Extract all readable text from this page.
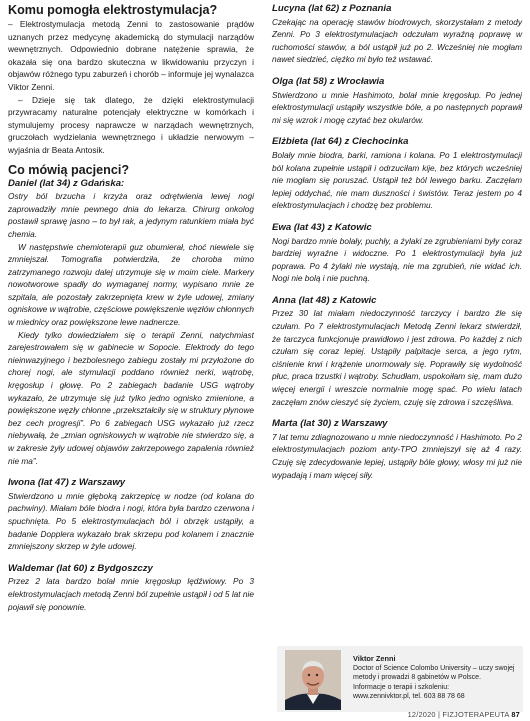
Komu pomogła elektrostymulacja?

– Elektrostymulacja metodą Zenni to zastosowanie prądów uznanych przez medycynę akademicką do stymulacji narządów wewnętrznych. Odpowiednio dobrane natężenie sprawia, że okazała się ona bardzo skuteczna w likwidowaniu przyczyn i objawów różnego typu zaburzeń i chorób – informuje jej wynalazca Viktor Zenni.

– Dzieje się tak dlatego, że dzięki elektrostymulacji przywracamy naturalne potencjały elektryczne w komórkach i stymulujemy procesy naprawcze w narządach wewnętrznych, gruczołach wydzielania wewnętrznego i układzie nerwowym – wyjaśnia dr Beata Antosik.

Co mówią pacjenci?

Daniel (lat 34) z Gdańska:

Ostry ból brzucha i krzyża oraz odrętwienia lewej nogi zaprowadziły mnie pewnego dnia do lekarza. Chirurg onkolog postawił sprawę jasno – to był rak, a jedynym ratunkiem miała być chemia.

W następstwie chemioterapii guz obumierał, choć niewiele się zmniejszał. Tomografia potwierdziła, że choroba mimo zatrzymanego rozwoju dalej utrzymuje się w moim ciele. Markery nowotworowe spadły do wymaganej normy, wypisano mnie ze szpitala, ale pozostały zakrzepnięta krew w żyle udowej, zmiany ogniskowe w wątrobie, częściowe powiększenie węzłów chłonnych w miednicy oraz powiększone lewe nadnercze.

Kiedy tylko dowiedziałem się o terapii Zenni, natychmiast zarejestrowałem się w gabinecie w Sopocie. Elektrody do tego nieinwazyjnego i bezbolesnego zabiegu zostały mi przyłożone do chorej nogi, ale stymulacji poddano również nerki, wątrobę, kręgosłup i głowę. Po 2 zabiegach badanie USG wątroby wykazało, że utrzymuje się już tylko jedno ognisko zmienione, a powiększone węzły chłonne „przekształciły się w struktury płynowe bez cech progresji”. Po 6 zabiegach USG wykazało już rzecz niebywałą, że „zmian ogniskowych w wątrobie nie stwierdzo się, a w zakresie żyły udowej objawów zakrzepowego zapalenia również nie ma”.

Iwona (lat 47) z Warszawy

Stwierdzono u mnie głęboką zakrzepicę w nodze (od kolana do pachwiny). Miałam bóle biodra i nogi, która była bardzo czerwona i spuchnięta. Po 5 elektrostymulacjach ból i obrzęk ustąpiły, a badanie Dopplera wykazało brak skrzepu pod kolanem i znacznie zmniejszony skrzep w żyle udowej.

Waldemar (lat 60) z Bydgoszczy

Przez 2 lata bardzo bolał mnie kręgosłup lędźwiowy. Po 3 elektrostymulacjach metodą Zenni ból zupełnie ustąpił i od 5 lat nie pojawił się ponownie.

Lucyna (lat 62) z Poznania

Czekając na operację stawów biodrowych, skorzystałam z metody Zenni. Po 3 elektrostymulacjach odczułam wyraźną poprawę w ruchomości stawów, a ból ustąpił już po 2. Wcześniej nie mogłam nawet siedzieć, ciężko mi było też wstawać.

Olga (lat 58) z Wrocławia

Stwierdzono u mnie Hashimoto, bolał mnie kręgosłup. Po jednej elektrostymulacji ustąpiły wszystkie bóle, a po następnych poprawił mi się wzrok i mogę czytać bez okularów.

Elżbieta (lat 64) z Ciechocinka

Bolały mnie biodra, barki, ramiona i kolana. Po 1 elektrostymulacji ból kolana zupełnie ustąpił i odrzuciłam kije, bez których wcześniej nie mogłam się poruszać. Ustąpił też ból lewego barku. Zaczęłam lepiej oddychać, nie mam duszności i świstów. Teraz jestem po 4 elektrostymulacjach i chodzę bez problemu.

Ewa (lat 43) z Katowic

Nogi bardzo mnie bolały, puchły, a żylaki ze zgrubieniami były coraz bardziej wyraźne i widoczne. Po 1 elektrostymulacji była już poprawa. Po 4 żylaki nie wystają, nie ma zgrubień, nie widać ich. Nogi nie bolą i nie puchną.

Anna (lat 48) z Katowic

Przez 30 lat miałam niedoczynność tarczycy i bardzo źle się czułam. Po 7 elektrostymulacjach Metodą Zenni lekarz stwierdził, że tarczyca funkcjonuje prawidłowo i jest zdrowa. Po każdej z nich czułam się coraz lepiej. Ustąpiły palpitacje serca, a jego rytm, ciśnienie krwi i krążenie unormowały się. Poprawiły się wydolność płuc, praca trzustki i wątroby. Schudłam, uspokoiłam się, mam dużo więcej energii i wreszcie normalnie mogę spać. Po wielu latach zaczęłam znów cieszyć się życiem, czuję się zdrowa i szczęśliwa.

Marta (lat 30) z Warszawy

7 lat temu zdiagnozowano u mnie niedoczynność i Hashimoto. Po 2 elektrostymulacjach poziom anty-TPO zmniejszył się aż 4 razy. Czuję się zdecydowanie lepiej, ustąpiły bóle głowy, włosy mi już nie wypadają i mam więcej siły.

Viktor Zenni
Doctor of Science Colombo University – uczy swojej metody i prowadzi 8 gabinetów w Polsce.
Informacje o terapii i szkoleniu:
www.zennivktor.pl, tel. 603 88 78 68
12/2020 | FIZJOTERAPEUTA 87
